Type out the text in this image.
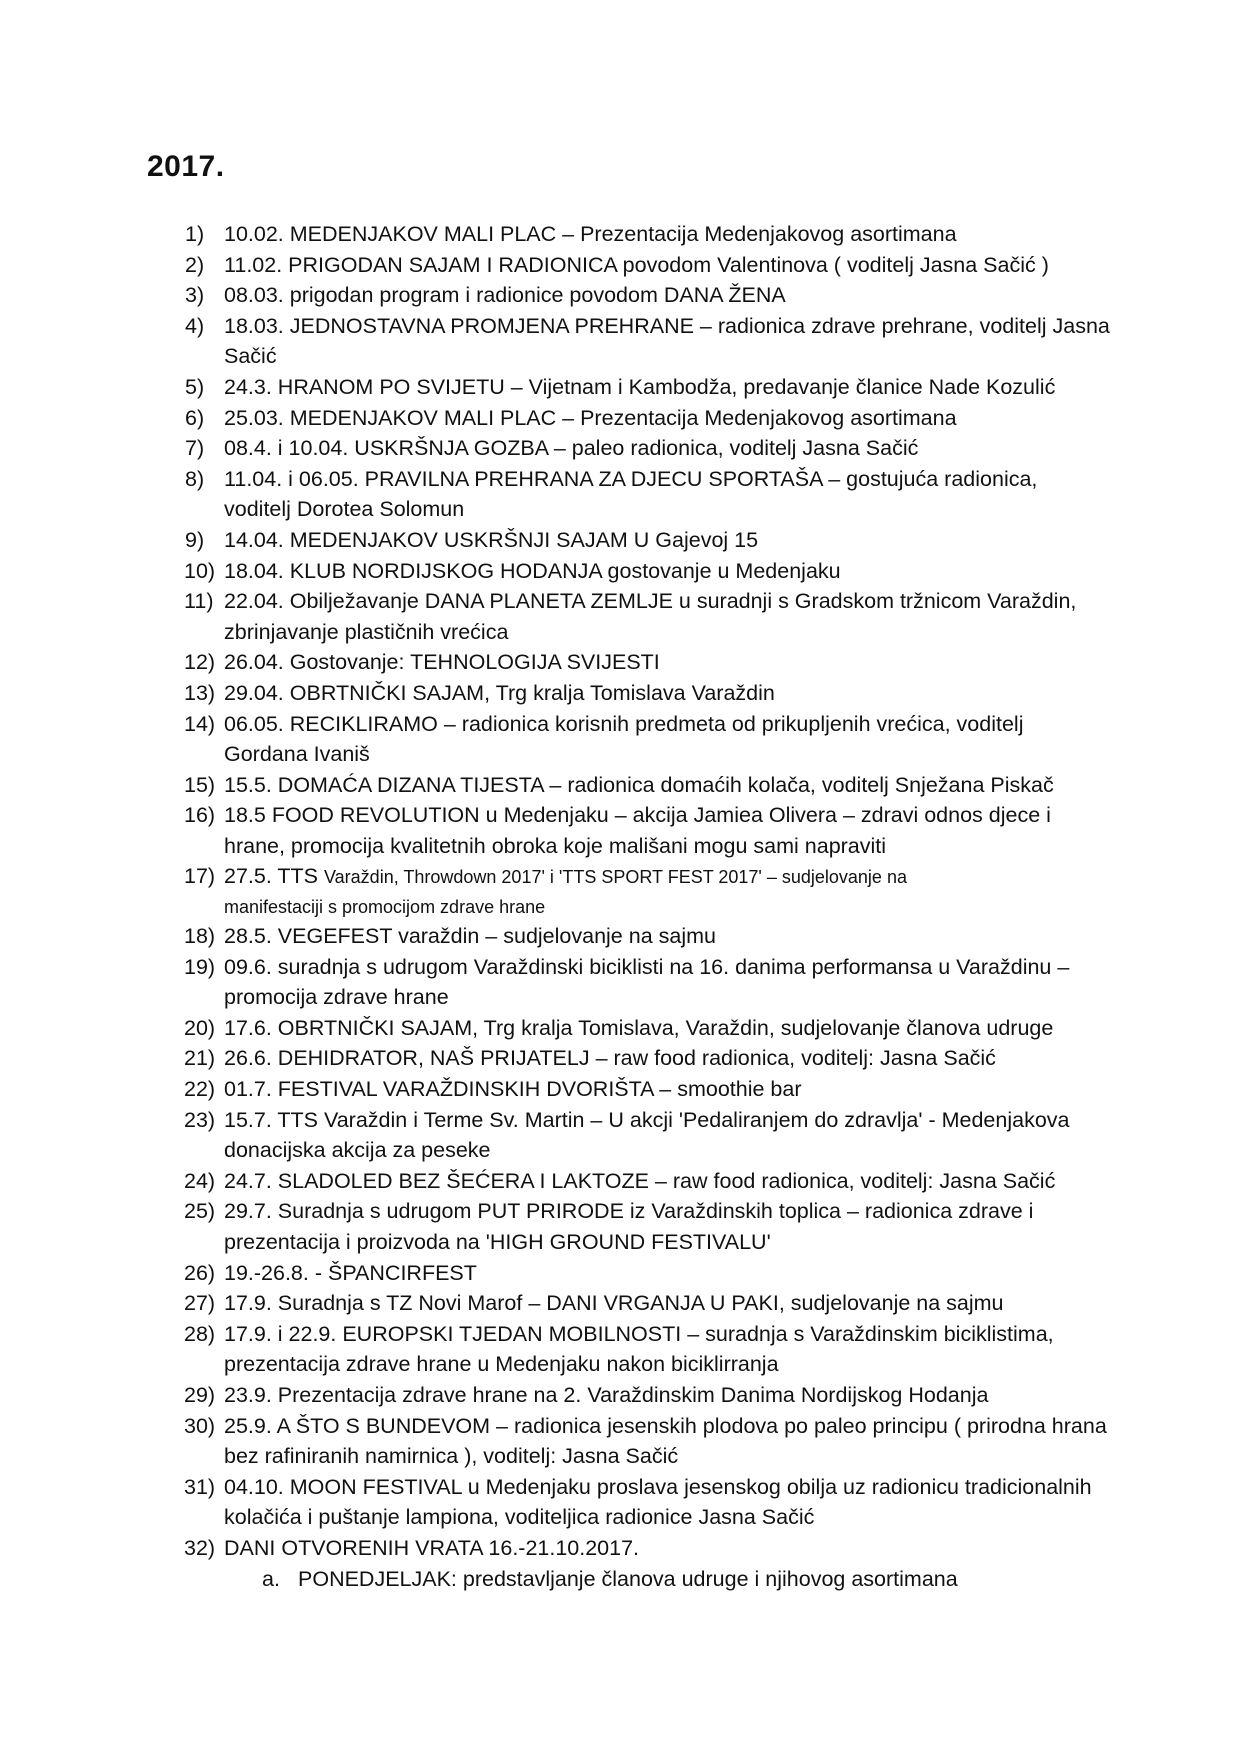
2017.
1) 10.02. MEDENJAKOV MALI PLAC – Prezentacija Medenjakovog asortimana
2) 11.02. PRIGODAN SAJAM I RADIONICA povodom Valentinova ( voditelj Jasna Sačić )
3) 08.03. prigodan program i radionice povodom DANA ŽENA
4) 18.03. JEDNOSTAVNA PROMJENA PREHRANE – radionica zdrave prehrane, voditelj Jasna Sačić
5) 24.3. HRANOM PO SVIJETU – Vijetnam i Kambodža, predavanje članice Nade Kozulić
6) 25.03. MEDENJAKOV MALI PLAC – Prezentacija Medenjakovog asortimana
7) 08.4. i 10.04. USKRŠNJA GOZBA – paleo radionica, voditelj Jasna Sačić
8) 11.04. i 06.05. PRAVILNA PREHRANA ZA DJECU SPORTAŠA – gostujuća radionica, voditelj Dorotea Solomun
9) 14.04. MEDENJAKOV USKRŠNJI SAJAM U Gajevoj 15
10) 18.04. KLUB NORDIJSKOG HODANJA gostovanje u Medenjaku
11) 22.04. Obilježavanje DANA PLANETA ZEMLJE u suradnji s Gradskom tržnicom Varaždin, zbrinjavanje plastičnih vrećica
12) 26.04. Gostovanje: TEHNOLOGIJA SVIJESTI
13) 29.04. OBRTNIČKI SAJAM, Trg kralja Tomislava Varaždin
14) 06.05. RECIKLIRAMO – radionica korisnih predmeta od prikupljenih vrećica, voditelj Gordana Ivaniš
15) 15.5. DOMAĆA DIZANA TIJESTA – radionica domaćih kolača, voditelj Snježana Piskač
16) 18.5 FOOD REVOLUTION u Medenjaku – akcija Jamiea Olivera – zdravi odnos djece i hrane, promocija kvalitetnih obroka koje mališani mogu sami napraviti
17) 27.5. TTS Varaždin, Throwdown 2017' i 'TTS SPORT FEST 2017' – sudjelovanje na
manifestaciji s promocijom zdrave hrane
18) 28.5. VEGEFEST varaždin – sudjelovanje na sajmu
19) 09.6. suradnja s udrugom Varaždinski biciklisti na 16. danima performansa u Varaždinu – promocija zdrave hrane
20) 17.6. OBRTNIČKI SAJAM, Trg kralja Tomislava, Varaždin, sudjelovanje članova udruge
21) 26.6. DEHIDRATOR, NAŠ PRIJATELJ – raw food radionica, voditelj: Jasna Sačić
22) 01.7. FESTIVAL VARAŽDINSKIH DVORIŠTA – smoothie bar
23) 15.7. TTS Varaždin i Terme Sv. Martin – U akcji 'Pedaliranjem do zdravlja' - Medenjakova donacijska akcija za peseke
24) 24.7. SLADOLED BEZ ŠEĆERA I LAKTOZE – raw food radionica, voditelj: Jasna Sačić
25) 29.7. Suradnja s udrugom PUT PRIRODE iz Varaždinskih toplica – radionica zdrave i prezentacija i proizvoda na 'HIGH GROUND FESTIVALU'
26) 19.-26.8. - ŠPANCIRFEST
27) 17.9. Suradnja s TZ Novi Marof – DANI VRGANJA U PAKI, sudjelovanje na sajmu
28) 17.9. i 22.9. EUROPSKI TJEDAN MOBILNOSTI – suradnja s Varaždinskim biciklistima, prezentacija zdrave hrane u Medenjaku nakon biciklirranja
29) 23.9. Prezentacija zdrave hrane na 2. Varaždinskim Danima Nordijskog Hodanja
30) 25.9. A ŠTO S BUNDEVOM – radionica jesenskih plodova po paleo principu ( prirodna hrana bez rafiniranih namirnica ), voditelj: Jasna Sačić
31) 04.10. MOON FESTIVAL u Medenjaku proslava jesenskog obilja uz radionicu tradicionalnih kolačića i puštanje lampiona, voditeljica radionice Jasna Sačić
32) DANI OTVORENIH VRATA 16.-21.10.2017.
a. PONEDJELJAK: predstavljanje članova udruge i njihovog asortimana
